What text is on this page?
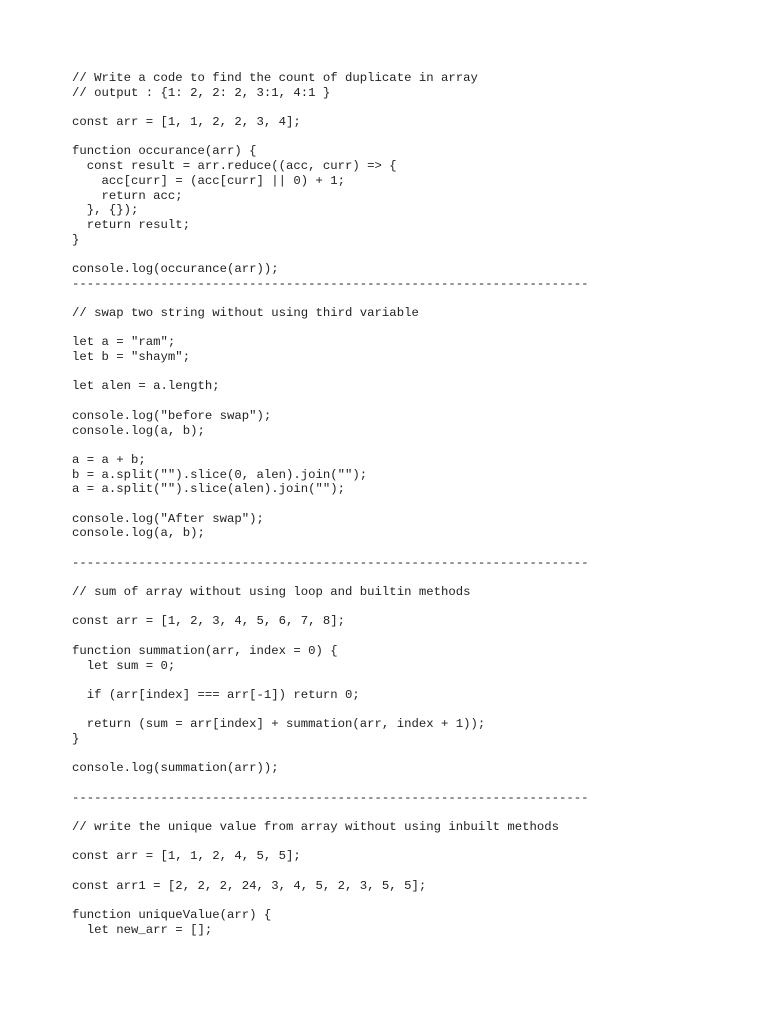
// Write a code to find the count of duplicate in array
// output : {1: 2, 2: 2, 3:1, 4:1 }
const arr = [1, 1, 2, 2, 3, 4];
function occurance(arr) {
const result = arr.reduce((acc, curr) => {
acc[curr] = (acc[curr] || 0) + 1;
return acc;
}, {});
return result;
}
console.log(occurance(arr));
----------------------------------------------------------------------
// swap two string without using third variable
let a = "ram";
let b = "shaym";
let alen = a.length;
console.log("before swap");
console.log(a, b);
a = a + b;
b = a.split("").slice(0, alen).join("");
a = a.split("").slice(alen).join("");
console.log("After swap");
console.log(a, b);
----------------------------------------------------------------------
// sum of array without using loop and builtin methods
const arr = [1, 2, 3, 4, 5, 6, 7, 8];
function summation(arr, index = 0) {
let sum = 0;
if (arr[index] === arr[-1]) return 0;
return (sum = arr[index] + summation(arr, index + 1));
}
console.log(summation(arr));
----------------------------------------------------------------------
// write the unique value from array without using inbuilt methods
const arr = [1, 1, 2, 4, 5, 5];
const arr1 = [2, 2, 2, 24, 3, 4, 5, 2, 3, 5, 5];
function uniqueValue(arr) {
let new_arr = [];
